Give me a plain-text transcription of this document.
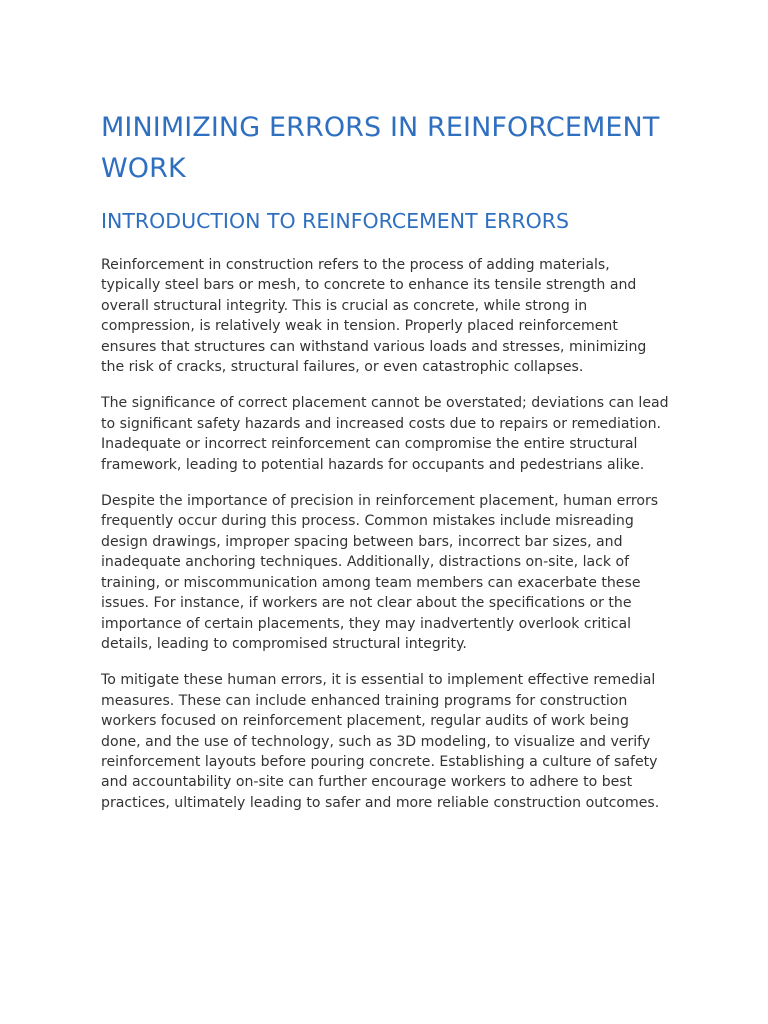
MINIMIZING ERRORS IN REINFORCEMENT WORK
INTRODUCTION TO REINFORCEMENT ERRORS

Reinforcement in construction refers to the process of adding materials, typically steel bars or mesh, to concrete to enhance its tensile strength and overall structural integrity. This is crucial as concrete, while strong in compression, is relatively weak in tension. Properly placed reinforcement ensures that structures can withstand various loads and stresses, minimizing the risk of cracks, structural failures, or even catastrophic collapses.

The significance of correct placement cannot be overstated; deviations can lead to significant safety hazards and increased costs due to repairs or remediation. Inadequate or incorrect reinforcement can compromise the entire structural framework, leading to potential hazards for occupants and pedestrians alike.

Despite the importance of precision in reinforcement placement, human errors frequently occur during this process. Common mistakes include misreading design drawings, improper spacing between bars, incorrect bar sizes, and inadequate anchoring techniques. Additionally, distractions on-site, lack of training, or miscommunication among team members can exacerbate these issues. For instance, if workers are not clear about the specifications or the importance of certain placements, they may inadvertently overlook critical details, leading to compromised structural integrity.

To mitigate these human errors, it is essential to implement effective remedial measures. These can include enhanced training programs for construction workers focused on reinforcement placement, regular audits of work being done, and the use of technology, such as 3D modeling, to visualize and verify reinforcement layouts before pouring concrete. Establishing a culture of safety and accountability on-site can further encourage workers to adhere to best practices, ultimately leading to safer and more reliable construction outcomes.
